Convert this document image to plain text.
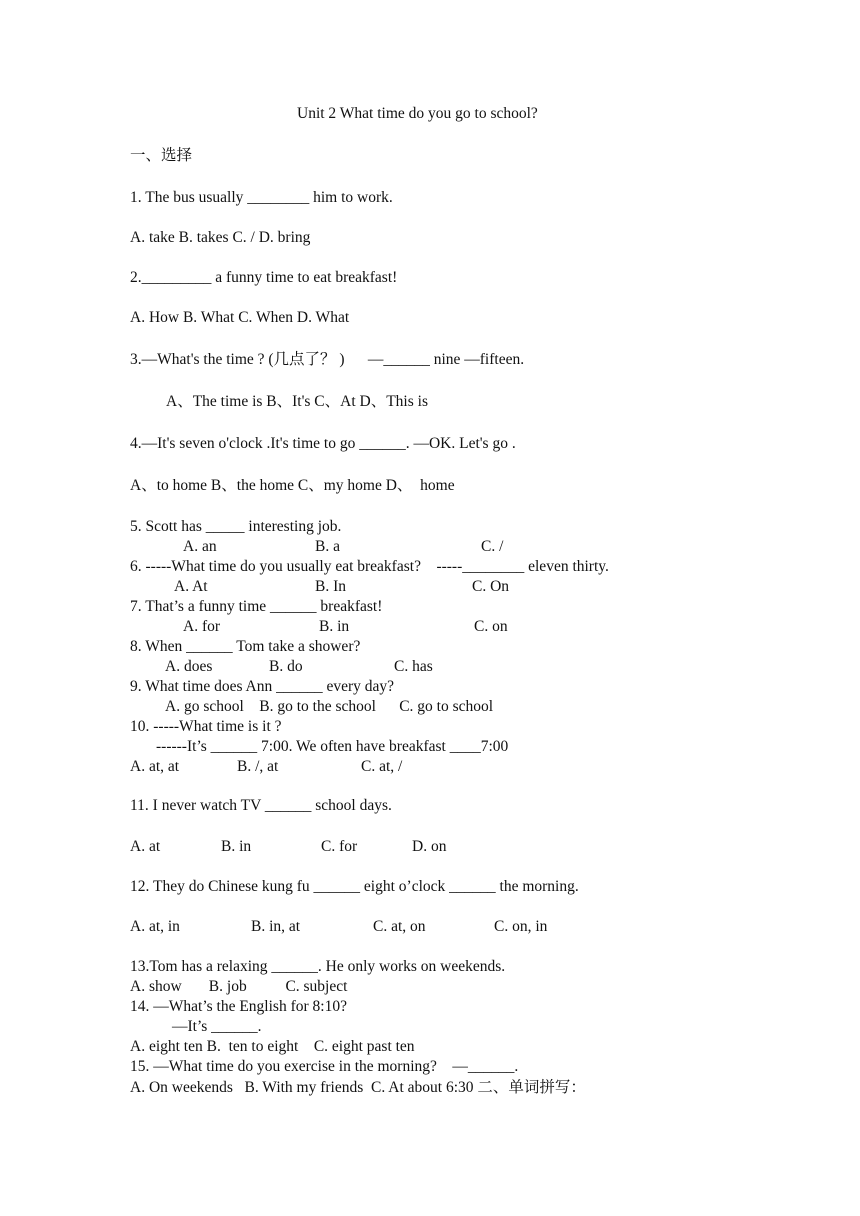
Unit 2 What time do you go to school?
一、选择
1. The bus usually ________ him to work.
A. take B. takes C. / D. bring
2._________ a funny time to eat breakfast!
A. How B. What C. When D. What
3.—What's the time ? (几点了？ )      —______ nine —fifteen.
A、The time is B、It's C、At D、This is
4.—It's seven o'clock .It's time to go ______. —OK. Let's go .
A、to home B、the home C、my home D、  home
5. Scott has _____ interesting job.
A. an	B. a	C. /
6. -----What time do you usually eat breakfast?    -----________ eleven thirty.
A. At	B. In	C. On
7. That’s a funny time ______ breakfast!
A. for	B. in	C. on
8. When ______ Tom take a shower?
A. does	B. do	C. has
9. What time does Ann ______ every day?
A. go school    B. go to the school      C. go to school
10. -----What time is it ?
------It’s ______ 7:00. We often have breakfast ____7:00
A. at, at	B. /, at	C. at, /
11. I never watch TV ______ school days.
A. at	B. in	C. for	D. on
12. They do Chinese kung fu ______ eight o’clock ______ the morning.
A. at, in	B. in, at	C. at, on	C. on, in
13.Tom has a relaxing ______. He only works on weekends.
A. show       B. job          C. subject
14. —What’s the English for 8:10?
—It’s ______.
A. eight ten B.  ten to eight    C. eight past ten
15. —What time do you exercise in the morning?    —______.
A. On weekends   B. With my friends  C. At about 6:30 二、单词拼写：
